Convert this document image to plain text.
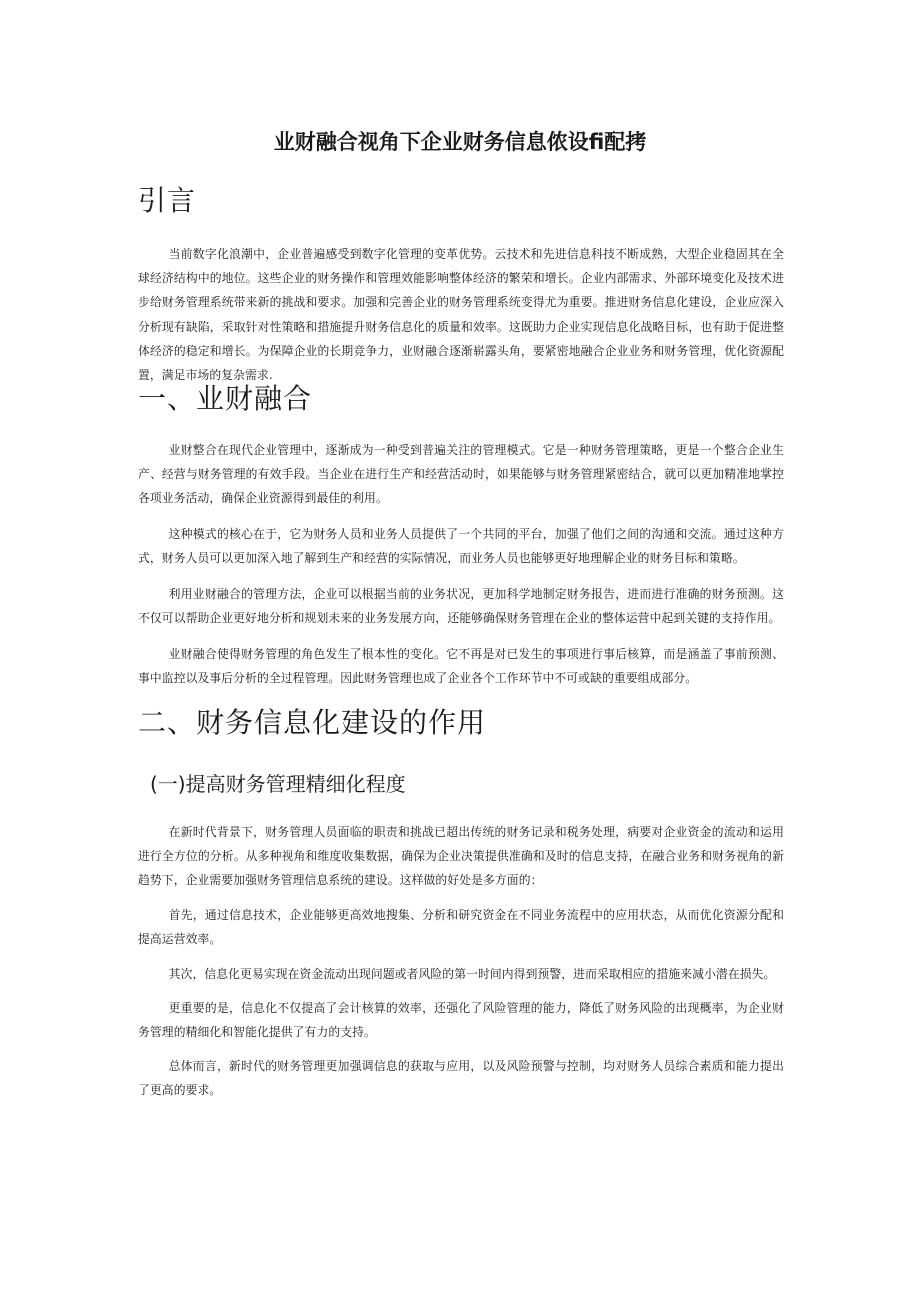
业财融合视角下企业财务信息侬设fi配拷
引言

当前数字化浪潮中，企业普遍感受到数字化管理的变革优势。云技术和先进信息科技不断成熟，大型企业稳固其在全球经济结构中的地位。这些企业的财务操作和管理效能影响整体经济的繁荣和增长。企业内部需求、外部环境变化及技术进步给财务管理系统带来新的挑战和要求。加强和完善企业的财务管理系统变得尤为重要。推进财务信息化建设，企业应深入分析现有缺陷，采取针对性策略和措施提升财务信息化的质量和效率。这既助力企业实现信息化战略目标，也有助于促进整体经济的稳定和增长。为保障企业的长期竞争力，业财融合逐渐崭露头角，要紧密地融合企业业务和财务管理，优化资源配置，满足市场的复杂需求.

一、业财融合

业财整合在现代企业管理中，逐渐成为一种受到普遍关注的管理模式。它是一种财务管理策略，更是一个整合企业生产、经营与财务管理的有效手段。当企业在进行生产和经营活动时，如果能够与财务管理紧密结合，就可以更加精准地掌控各项业务活动，确保企业资源得到最佳的利用。

这种模式的核心在于，它为财务人员和业务人员提供了一个共同的平台，加强了他们之间的沟通和交流。通过这种方式，财务人员可以更加深入地了解到生产和经营的实际情况，而业务人员也能够更好地理解企业的财务目标和策略。

利用业财融合的管理方法，企业可以根据当前的业务状况，更加科学地制定财务报告，进而进行准确的财务预测。这不仅可以帮助企业更好地分析和规划未来的业务发展方向，还能够确保财务管理在企业的整体运营中起到关键的支持作用。

业财融合使得财务管理的角色发生了根本性的变化。它不再是对已发生的事项进行事后核算，而是涵盖了事前预测、事中监控以及事后分析的全过程管理。因此财务管理也成了企业各个工作环节中不可或缺的重要组成部分。

二、财务信息化建设的作用
(一)提高财务管理精细化程度

在新时代背景下，财务管理人员面临的职责和挑战已超出传统的财务记录和税务处理，病要对企业资金的流动和运用进行全方位的分析。从多种视角和维度收集数据，确保为企业决策提供准确和及时的信息支持，在融合业务和财务视角的新趋势下，企业需要加强财务管理信息系统的建设。这样做的好处是多方面的：

首先，通过信息技术，企业能够更高效地搜集、分析和研究资金在不同业务流程中的应用状态，从而优化资源分配和提高运营效率。

其次，信息化更易实现在资金流动出现问题或者风险的第一时间内得到预警，进而采取相应的措施来减小潜在损失。

更重要的是，信息化不仅提高了会计核算的效率，还强化了风险管理的能力，降低了财务风险的出现概率，为企业财务管理的精细化和智能化提供了有力的支持。

总体而言，新时代的财务管理更加强调信息的获取与应用，以及风险预警与控制，均对财务人员综合素质和能力提出了更高的要求。
